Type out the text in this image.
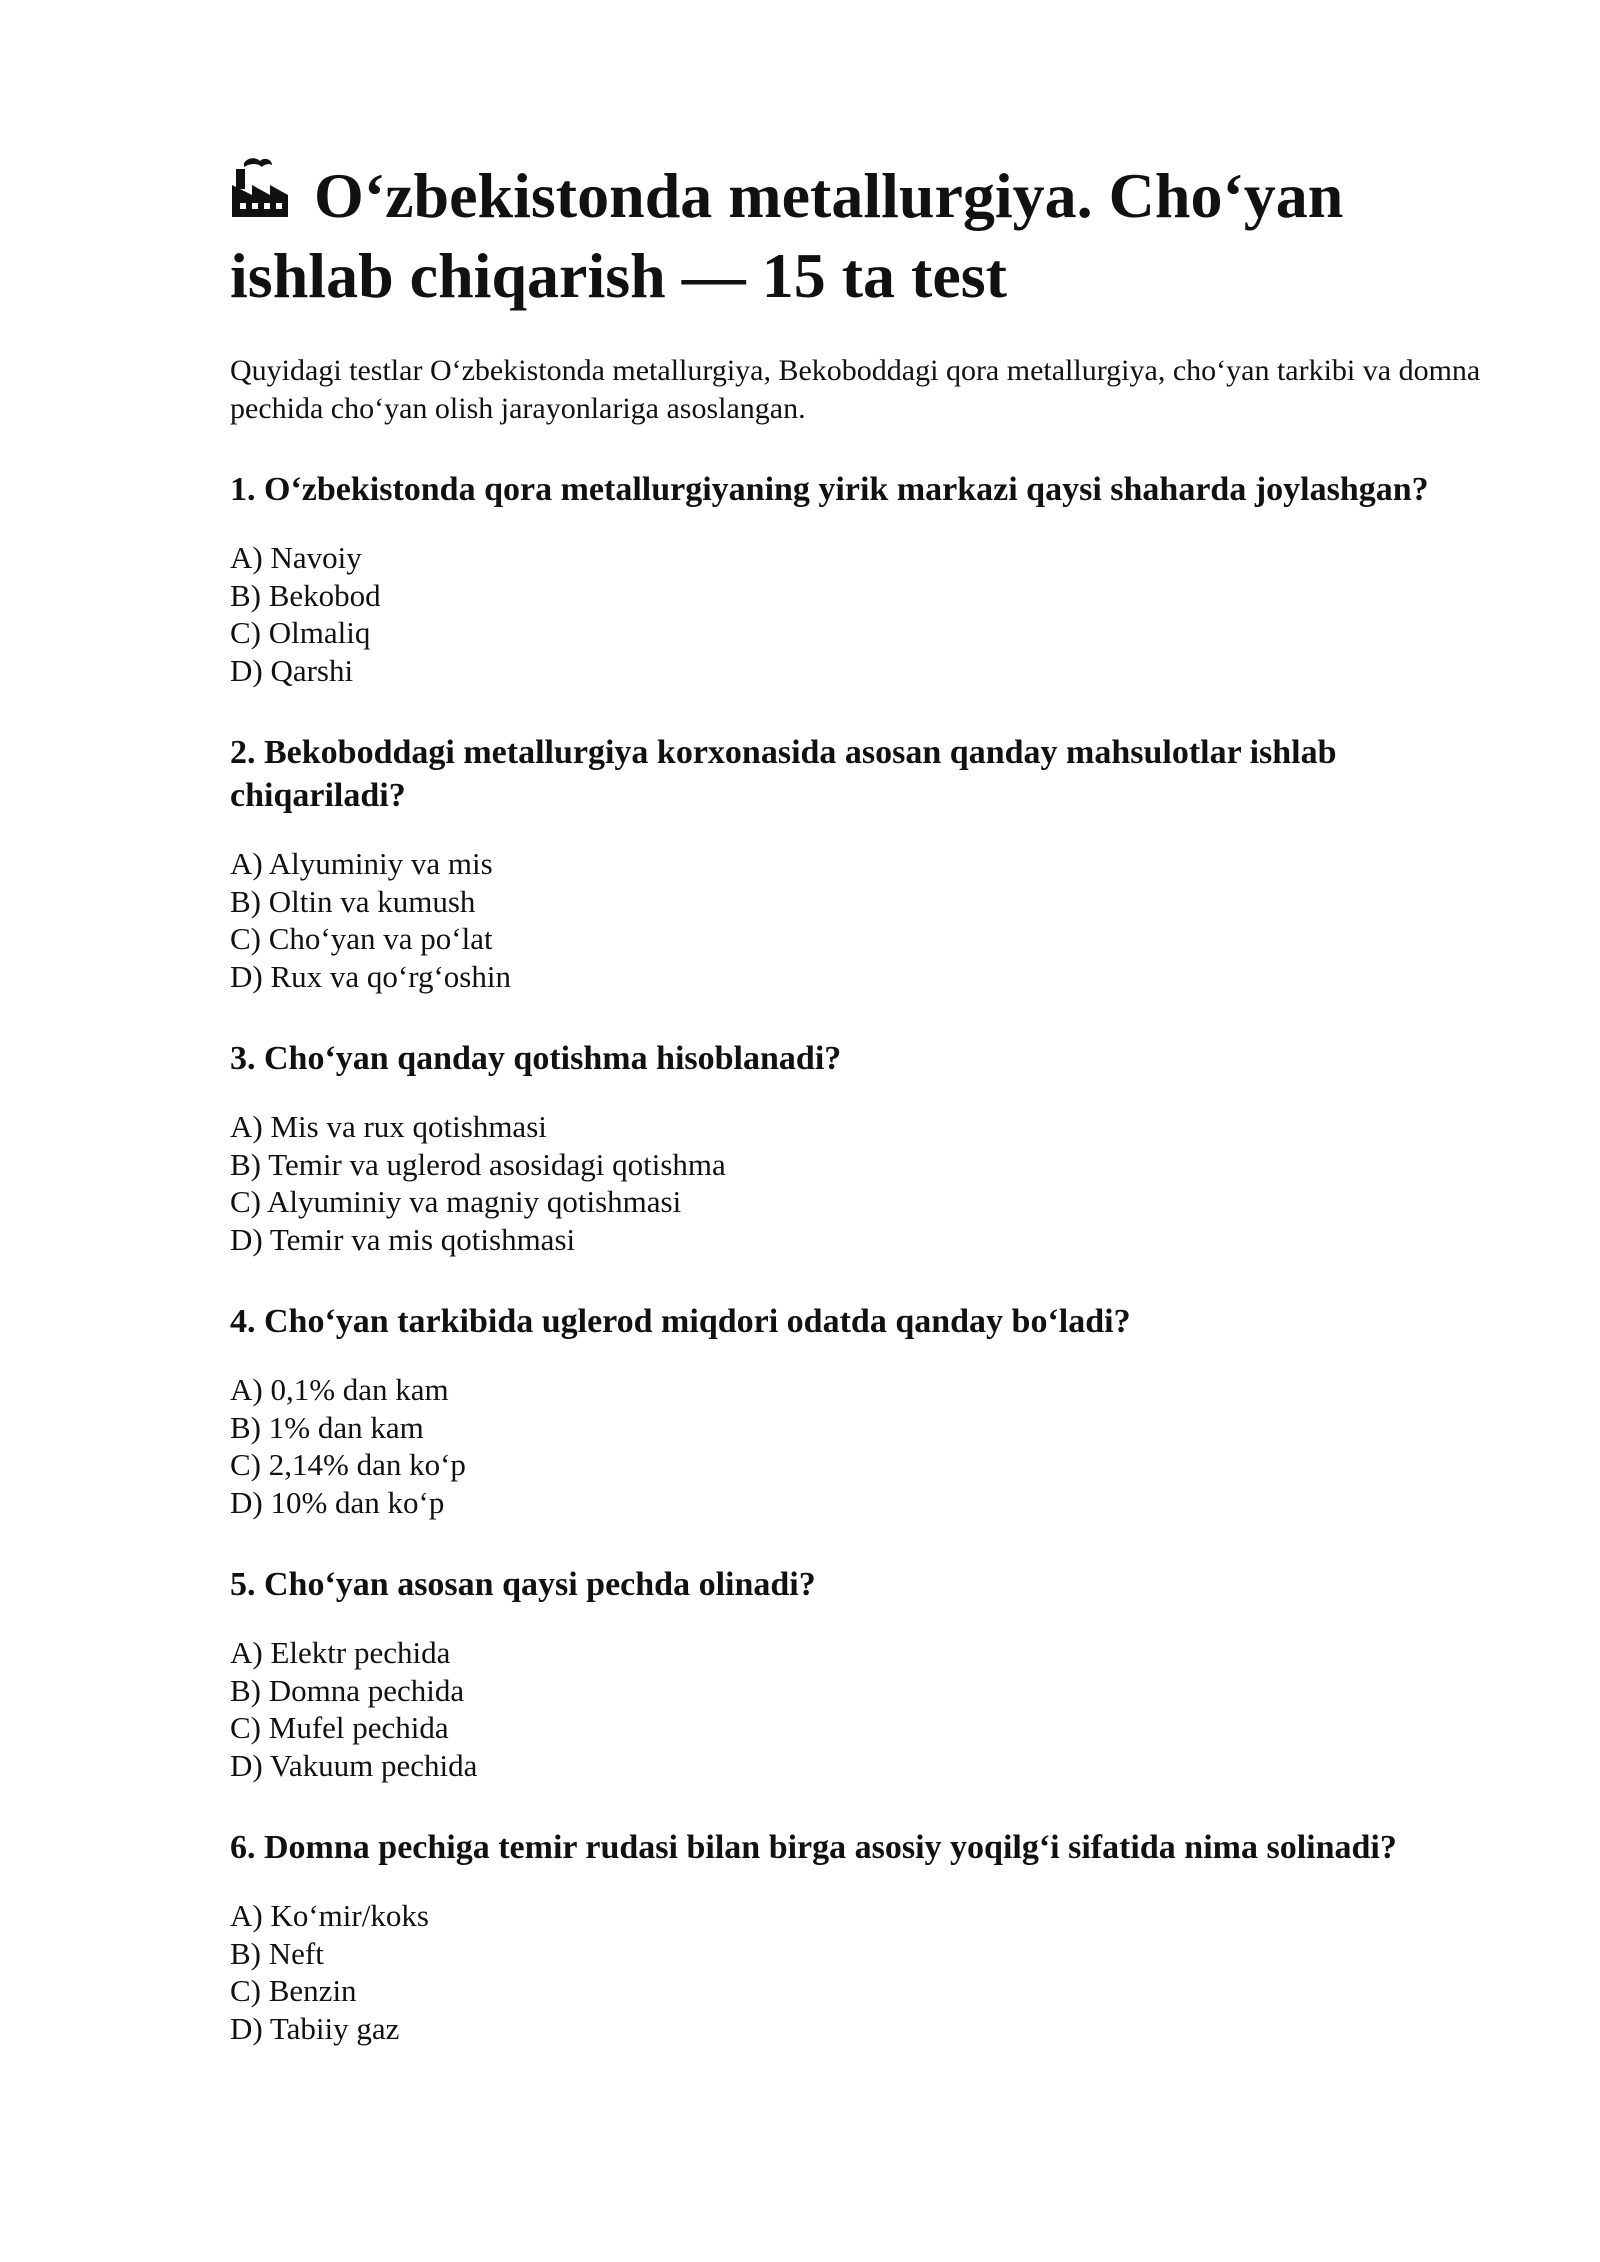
Oʻzbekistonda metallurgiya. Choʻyan ishlab chiqarish — 15 ta test

Quyidagi testlar Oʻzbekistonda metallurgiya, Bekoboddagi qora metallurgiya, choʻyan tarkibi va domna pechida choʻyan olish jarayonlariga asoslangan.

1. Oʻzbekistonda qora metallurgiyaning yirik markazi qaysi shaharda joylashgan?
A) Navoiy
B) Bekobod
C) Olmaliq
D) Qarshi
2. Bekoboddagi metallurgiya korxonasida asosan qanday mahsulotlar ishlab chiqariladi?
A) Alyuminiy va mis
B) Oltin va kumush
C) Choʻyan va poʻlat
D) Rux va qoʻrgʻoshin
3. Choʻyan qanday qotishma hisoblanadi?
A) Mis va rux qotishmasi
B) Temir va uglerod asosidagi qotishma
C) Alyuminiy va magniy qotishmasi
D) Temir va mis qotishmasi
4. Choʻyan tarkibida uglerod miqdori odatda qanday boʻladi?
A) 0,1% dan kam
B) 1% dan kam
C) 2,14% dan koʻp
D) 10% dan koʻp
5. Choʻyan asosan qaysi pechda olinadi?
A) Elektr pechida
B) Domna pechida
C) Mufel pechida
D) Vakuum pechida
6. Domna pechiga temir rudasi bilan birga asosiy yoqilgʻi sifatida nima solinadi?
A) Koʻmir/koks
B) Neft
C) Benzin
D) Tabiiy gaz
